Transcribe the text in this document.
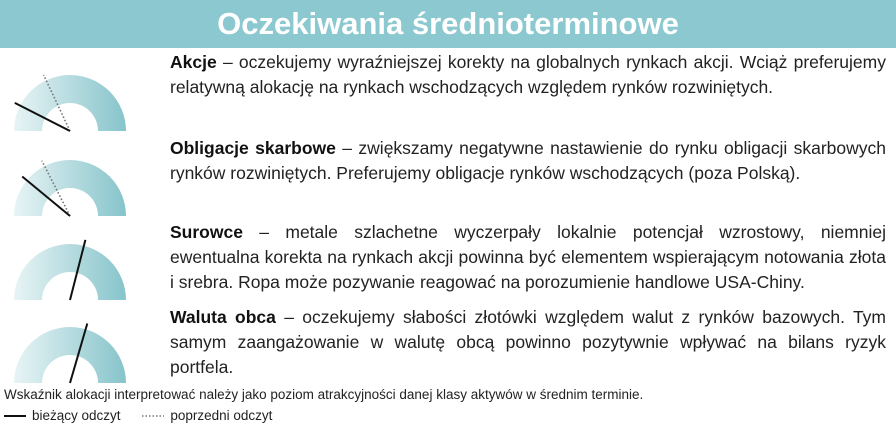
Oczekiwania średnioterminowe
Akcje – oczekujemy wyraźniejszej korekty na globalnych rynkach akcji. Wciąż preferujemy relatywną alokację na rynkach wschodzących względem rynków rozwiniętych.
Obligacje skarbowe – zwiększamy negatywne nastawienie do rynku obligacji skarbowych rynków rozwiniętych. Preferujemy obligacje rynków wschodzących (poza Polską).
Surowce – metale szlachetne wyczerpały lokalnie potencjał wzrostowy, niemniej ewentualna korekta na rynkach akcji powinna być elementem wspierającym notowania złota i srebra. Ropa może pozywanie reagować na porozumienie handlowe USA-Chiny.
Waluta obca – oczekujemy słabości złotówki względem walut z rynków bazowych. Tym samym zaangażowanie w walutę obcą powinno pozytywnie wpływać na bilans ryzyk portfela.
Wskaźnik alokacji interpretować należy jako poziom atrakcyjności danej klasy aktywów w średnim terminie.
bieżący odczyt	poprzedni odczyt
